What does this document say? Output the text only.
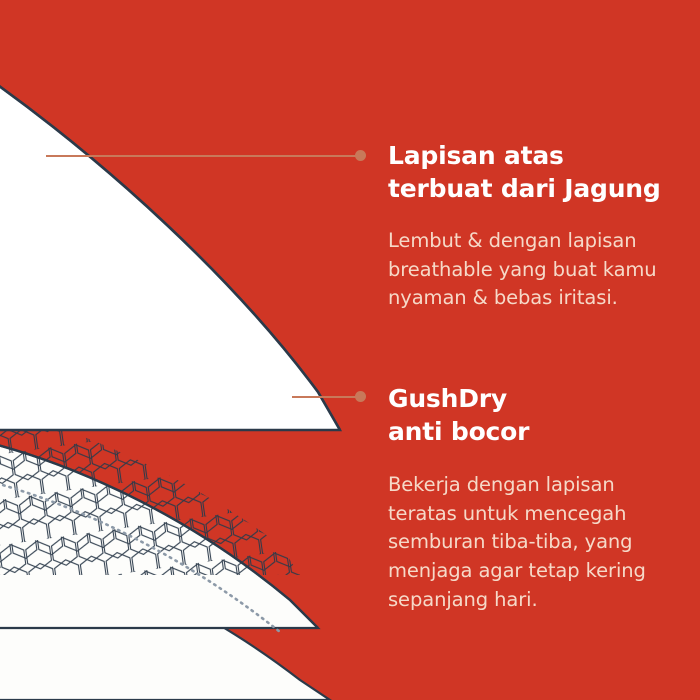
Lapisan atas
terbuat dari Jagung

Lembut & dengan lapisan breathable yang buat kamu nyaman & bebas iritasi.

GushDry
anti bocor

Bekerja dengan lapisan teratas untuk mencegah semburan tiba-tiba, yang menjaga agar tetap kering sepanjang hari.
